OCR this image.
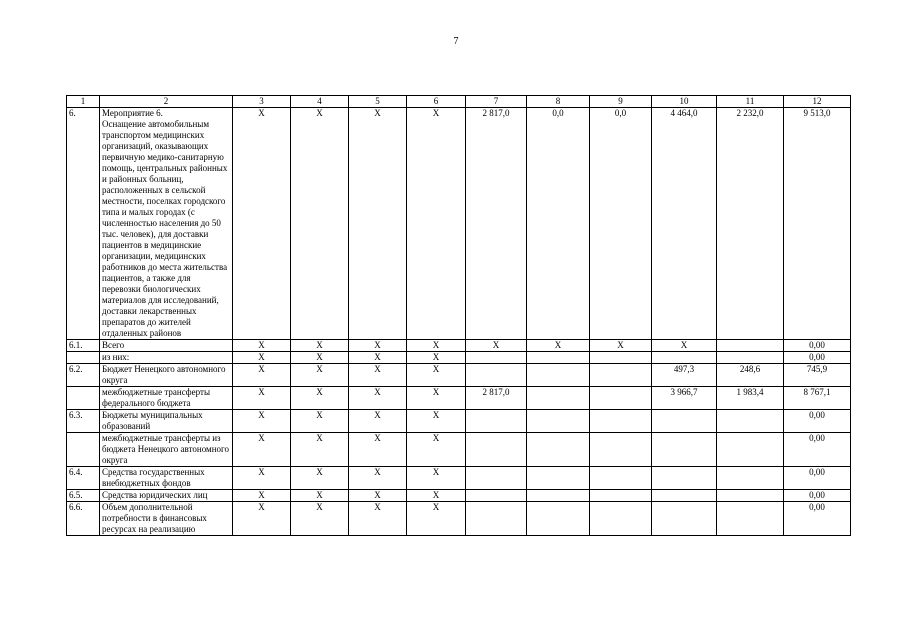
7
1	2	3	4	5	6	7	8	9	10	11	12
6.	Мероприятие 6.
Оснащение автомобильным транспортом медицинских организаций, оказывающих первичную медико-санитарную помощь, центральных районных и районных больниц, расположенных в сельской местности, поселках городского типа и малых городах (с численностью населения до 50 тыс. человек), для доставки пациентов в медицинские организации, медицинских работников до места жительства пациентов, а также для перевозки биологических материалов для исследований, доставки лекарственных препаратов до жителей отдаленных районов	Х	Х	Х	Х	2 817,0	0,0	0,0	4 464,0	2 232,0	9 513,0
6.1.	Всего	Х	Х	Х	Х	Х	Х	Х	Х		0,00
	из них:	Х	Х	Х	Х						0,00
6.2.	Бюджет Ненецкого автономного округа	Х	Х	Х	Х				497,3	248,6	745,9
	межбюджетные трансферты федерального бюджета	Х	Х	Х	Х	2 817,0			3 966,7	1 983,4	8 767,1
6.3.	Бюджеты муниципальных образований	Х	Х	Х	Х						0,00
	межбюджетные трансферты из бюджета Ненецкого автономного округа	Х	Х	Х	Х						0,00
6.4.	Средства государственных внебюджетных фондов	Х	Х	Х	Х						0,00
6.5.	Средства юридических лиц	Х	Х	Х	Х						0,00
6.6.	Объем дополнительной потребности в финансовых ресурсах на реализацию	Х	Х	Х	Х						0,00
